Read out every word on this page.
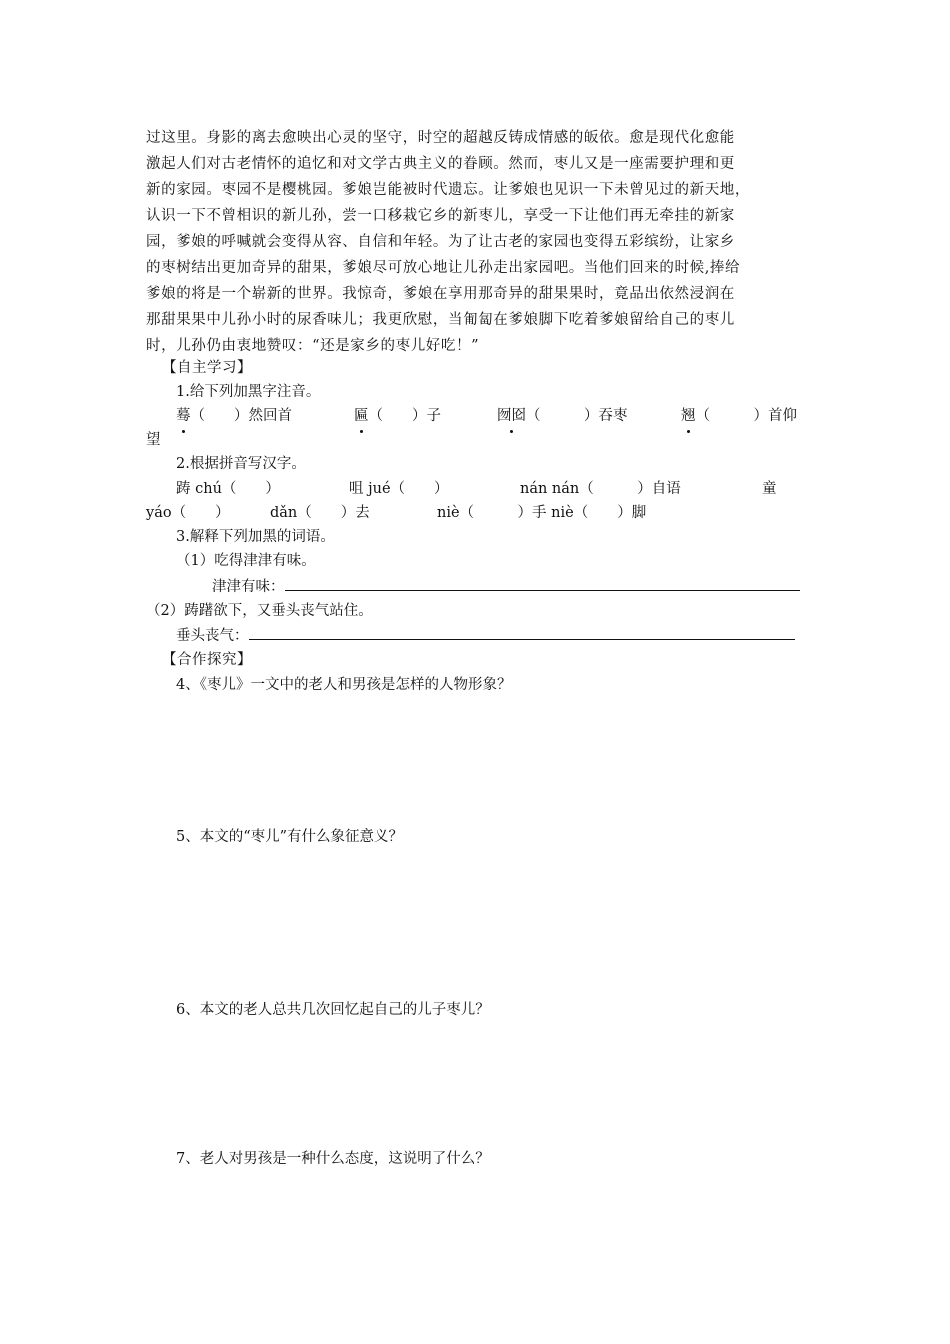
过这里。身影的离去愈映出心灵的坚守，时空的超越反铸成情感的皈依。愈是现代化愈能
激起人们对古老情怀的追忆和对文学古典主义的眷顾。然而，枣儿又是一座需要护理和更
新的家园。枣园不是樱桃园。爹娘岂能被时代遗忘。让爹娘也见识一下未曾见过的新天地，
认识一下不曾相识的新儿孙，尝一口移栽它乡的新枣儿，享受一下让他们再无牵挂的新家
园，爹娘的呼喊就会变得从容、自信和年轻。为了让古老的家园也变得五彩缤纷，让家乡
的枣树结出更加奇异的甜果，爹娘尽可放心地让儿孙走出家园吧。当他们回来的时候,捧给
爹娘的将是一个崭新的世界。我惊奇，爹娘在享用那奇异的甜果果时，竟品出依然浸润在
那甜果果中儿孙小时的尿香味儿；我更欣慰，当匍匐在爹娘脚下吃着爹娘留给自己的枣儿
时，儿孙仍由衷地赞叹：“还是家乡的枣儿好吃！”
【自主学习】
1.给下列加黑字注音。
蓦（　　）然回首	匾（　　）子	囫囵（　　　）吞枣	翘（　　　）首仰
望
2.根据拼音写汉字。
踌 chú（　　）	咀 jué（　　）	nán nán（　　　）自语	童
yáo（　　）	dǎn（　　）去	niè（　　　）手 niè（　　）脚
3.解释下列加黑的词语。
（1）吃得津津有味。
津津有味：
（2）踌躇欲下，又垂头丧气站住。
垂头丧气：
【合作探究】
4、《枣儿》一文中的老人和男孩是怎样的人物形象？
5、本文的“枣儿”有什么象征意义？
6、本文的老人总共几次回忆起自己的儿子枣儿？
7、老人对男孩是一种什么态度，这说明了什么？
